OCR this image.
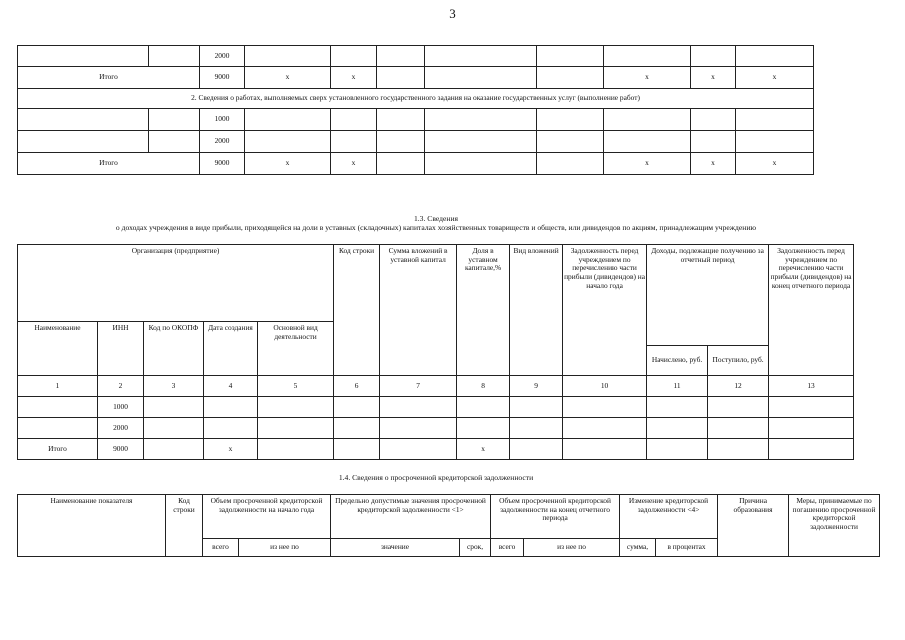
3
		2000								
Итого		9000	x	x				x	x	x
2. Сведения о работах, выполняемых сверх установленного государственного задания на оказание государственных услуг (выполнение работ)										
		1000								
		2000								
Итого		9000	x	x				x	x	x
1.3. Сведения
о доходах учреждения в виде прибыли, приходящейся на доли в уставных (складочных) капиталах хозяйственных товариществ и обществ, или дивидендов по акциям, принадлежащим учреждению
Организация (предприятие)					Код строки	Сумма вложений в уставной капитал	Доля в уставном капитале,%	Вид вложений	Задолженность перед учреждением по перечислению части прибыли (дивидендов) на начало года	Доходы, подлежащие получению за отчетный период		Задолженность перед учреждением по перечислению части прибыли (дивидендов) на конец отчетного периода
Наименование	ИНН	Код по ОКОПФ	Дата создания	Основной вид деятельности								
										Начислено, руб.	Поступило, руб.	
1	2	3	4	5	6	7	8	9	10	11	12	13
	1000											
	2000											
Итого	9000		x				x					
1.4. Сведения о просроченной кредиторской задолженности
Наименование показателя	Код строки	Объем просроченной кредиторской задолженности на начало года		Предельно допустимые значения просроченной кредиторской задолженности <1>		Объем просроченной кредиторской задолженности на конец отчетного периода		Изменение кредиторской задолженности <4>		Причина образования	Меры, принимаемые по погашению просроченной кредиторской задолженности
		всего	из нее по	значение	срок,	всего	из нее по	сумма,	в процентах		
